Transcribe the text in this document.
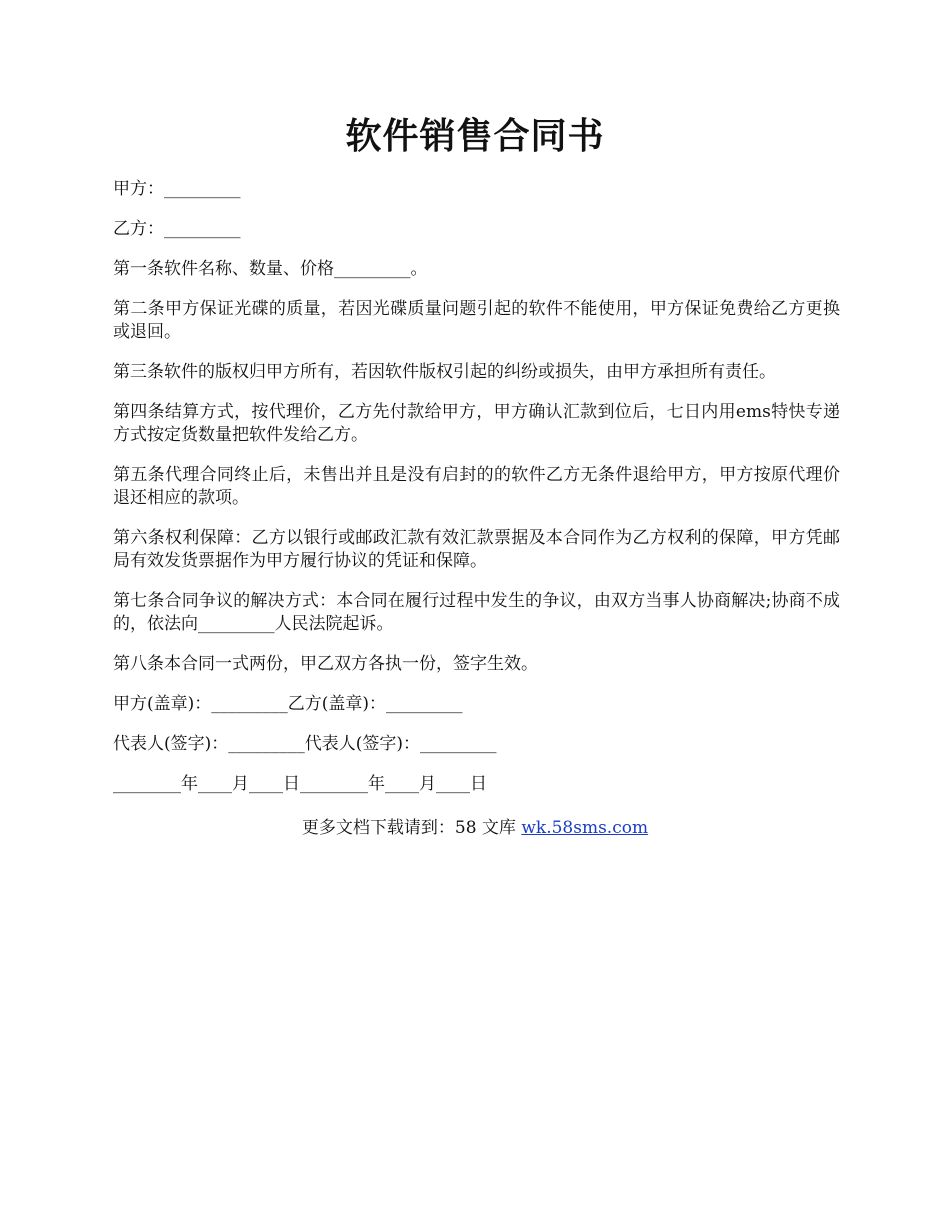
软件销售合同书

甲方：_________

乙方：_________

第一条软件名称、数量、价格_________。

第二条甲方保证光碟的质量，若因光碟质量问题引起的软件不能使用，甲方保证免费给乙方更换或退回。

第三条软件的版权归甲方所有，若因软件版权引起的纠纷或损失，由甲方承担所有责任。

第四条结算方式，按代理价，乙方先付款给甲方，甲方确认汇款到位后，七日内用ems特快专递方式按定货数量把软件发给乙方。

第五条代理合同终止后，未售出并且是没有启封的的软件乙方无条件退给甲方，甲方按原代理价退还相应的款项。

第六条权利保障：乙方以银行或邮政汇款有效汇款票据及本合同作为乙方权利的保障，甲方凭邮局有效发货票据作为甲方履行协议的凭证和保障。

第七条合同争议的解决方式：本合同在履行过程中发生的争议，由双方当事人协商解决;协商不成的，依法向_________人民法院起诉。

第八条本合同一式两份，甲乙双方各执一份，签字生效。

甲方(盖章)：_________乙方(盖章)：_________

代表人(签字)：_________代表人(签字)：_________

________年____月____日________年____月____日

更多文档下载请到：58 文库 wk.58sms.com
